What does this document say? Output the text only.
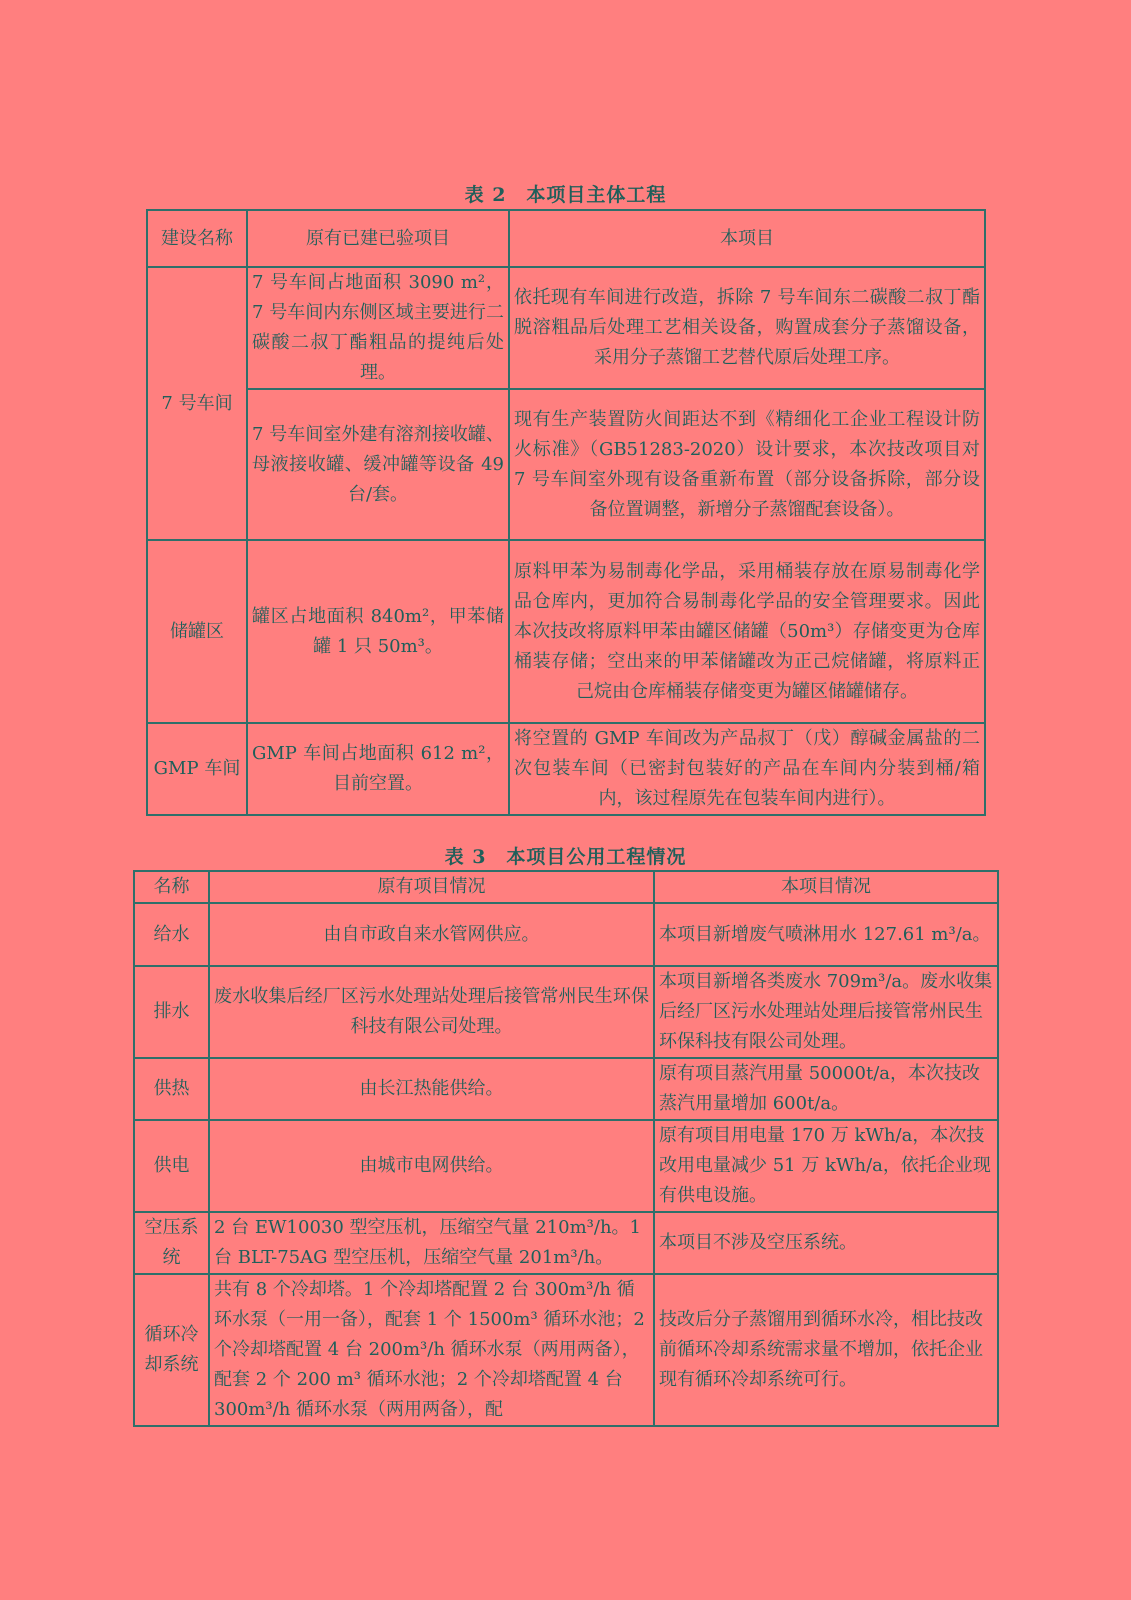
表 2　本项目主体工程
建设名称	原有已建已验项目	本项目
7 号车间	7 号车间占地面积 3090 m²，7 号车间内东侧区域主要进行二碳酸二叔丁酯粗品的提纯后处理。	依托现有车间进行改造，拆除 7 号车间东二碳酸二叔丁酯脱溶粗品后处理工艺相关设备，购置成套分子蒸馏设备，采用分子蒸馏工艺替代原后处理工序。
	7 号车间室外建有溶剂接收罐、母液接收罐、缓冲罐等设备 49 台/套。	现有生产装置防火间距达不到《精细化工企业工程设计防火标准》（GB51283-2020）设计要求，本次技改项目对 7 号车间室外现有设备重新布置（部分设备拆除，部分设备位置调整，新增分子蒸馏配套设备）。
储罐区	罐区占地面积 840m²，甲苯储罐 1 只 50m³。	原料甲苯为易制毒化学品，采用桶装存放在原易制毒化学品仓库内，更加符合易制毒化学品的安全管理要求。因此本次技改将原料甲苯由罐区储罐（50m³）存储变更为仓库桶装存储；空出来的甲苯储罐改为正己烷储罐，将原料正己烷由仓库桶装存储变更为罐区储罐储存。
GMP 车间	GMP 车间占地面积 612 m²，目前空置。	将空置的 GMP 车间改为产品叔丁（戊）醇碱金属盐的二次包装车间（已密封包装好的产品在车间内分装到桶/箱内，该过程原先在包装车间内进行）。
表 3　本项目公用工程情况
名称	原有项目情况	本项目情况
给水	由自市政自来水管网供应。	本项目新增废气喷淋用水 127.61 m³/a。
排水	废水收集后经厂区污水处理站处理后接管常州民生环保科技有限公司处理。	本项目新增各类废水 709m³/a。废水收集后经厂区污水处理站处理后接管常州民生环保科技有限公司处理。
供热	由长江热能供给。	原有项目蒸汽用量 50000t/a，本次技改蒸汽用量增加 600t/a。
供电	由城市电网供给。	原有项目用电量 170 万 kWh/a，本次技改用电量减少 51 万 kWh/a，依托企业现有供电设施。
空压系统	2 台 EW10030 型空压机，压缩空气量 210m³/h。1 台 BLT-75AG 型空压机，压缩空气量 201m³/h。	本项目不涉及空压系统。
循环冷却系统	共有 8 个冷却塔。1 个冷却塔配置 2 台 300m³/h 循环水泵（一用一备），配套 1 个 1500m³ 循环水池；2 个冷却塔配置 4 台 200m³/h 循环水泵（两用两备），配套 2 个 200 m³ 循环水池；2 个冷却塔配置 4 台 300m³/h 循环水泵（两用两备），配	技改后分子蒸馏用到循环水冷，相比技改前循环冷却系统需求量不增加，依托企业现有循环冷却系统可行。
